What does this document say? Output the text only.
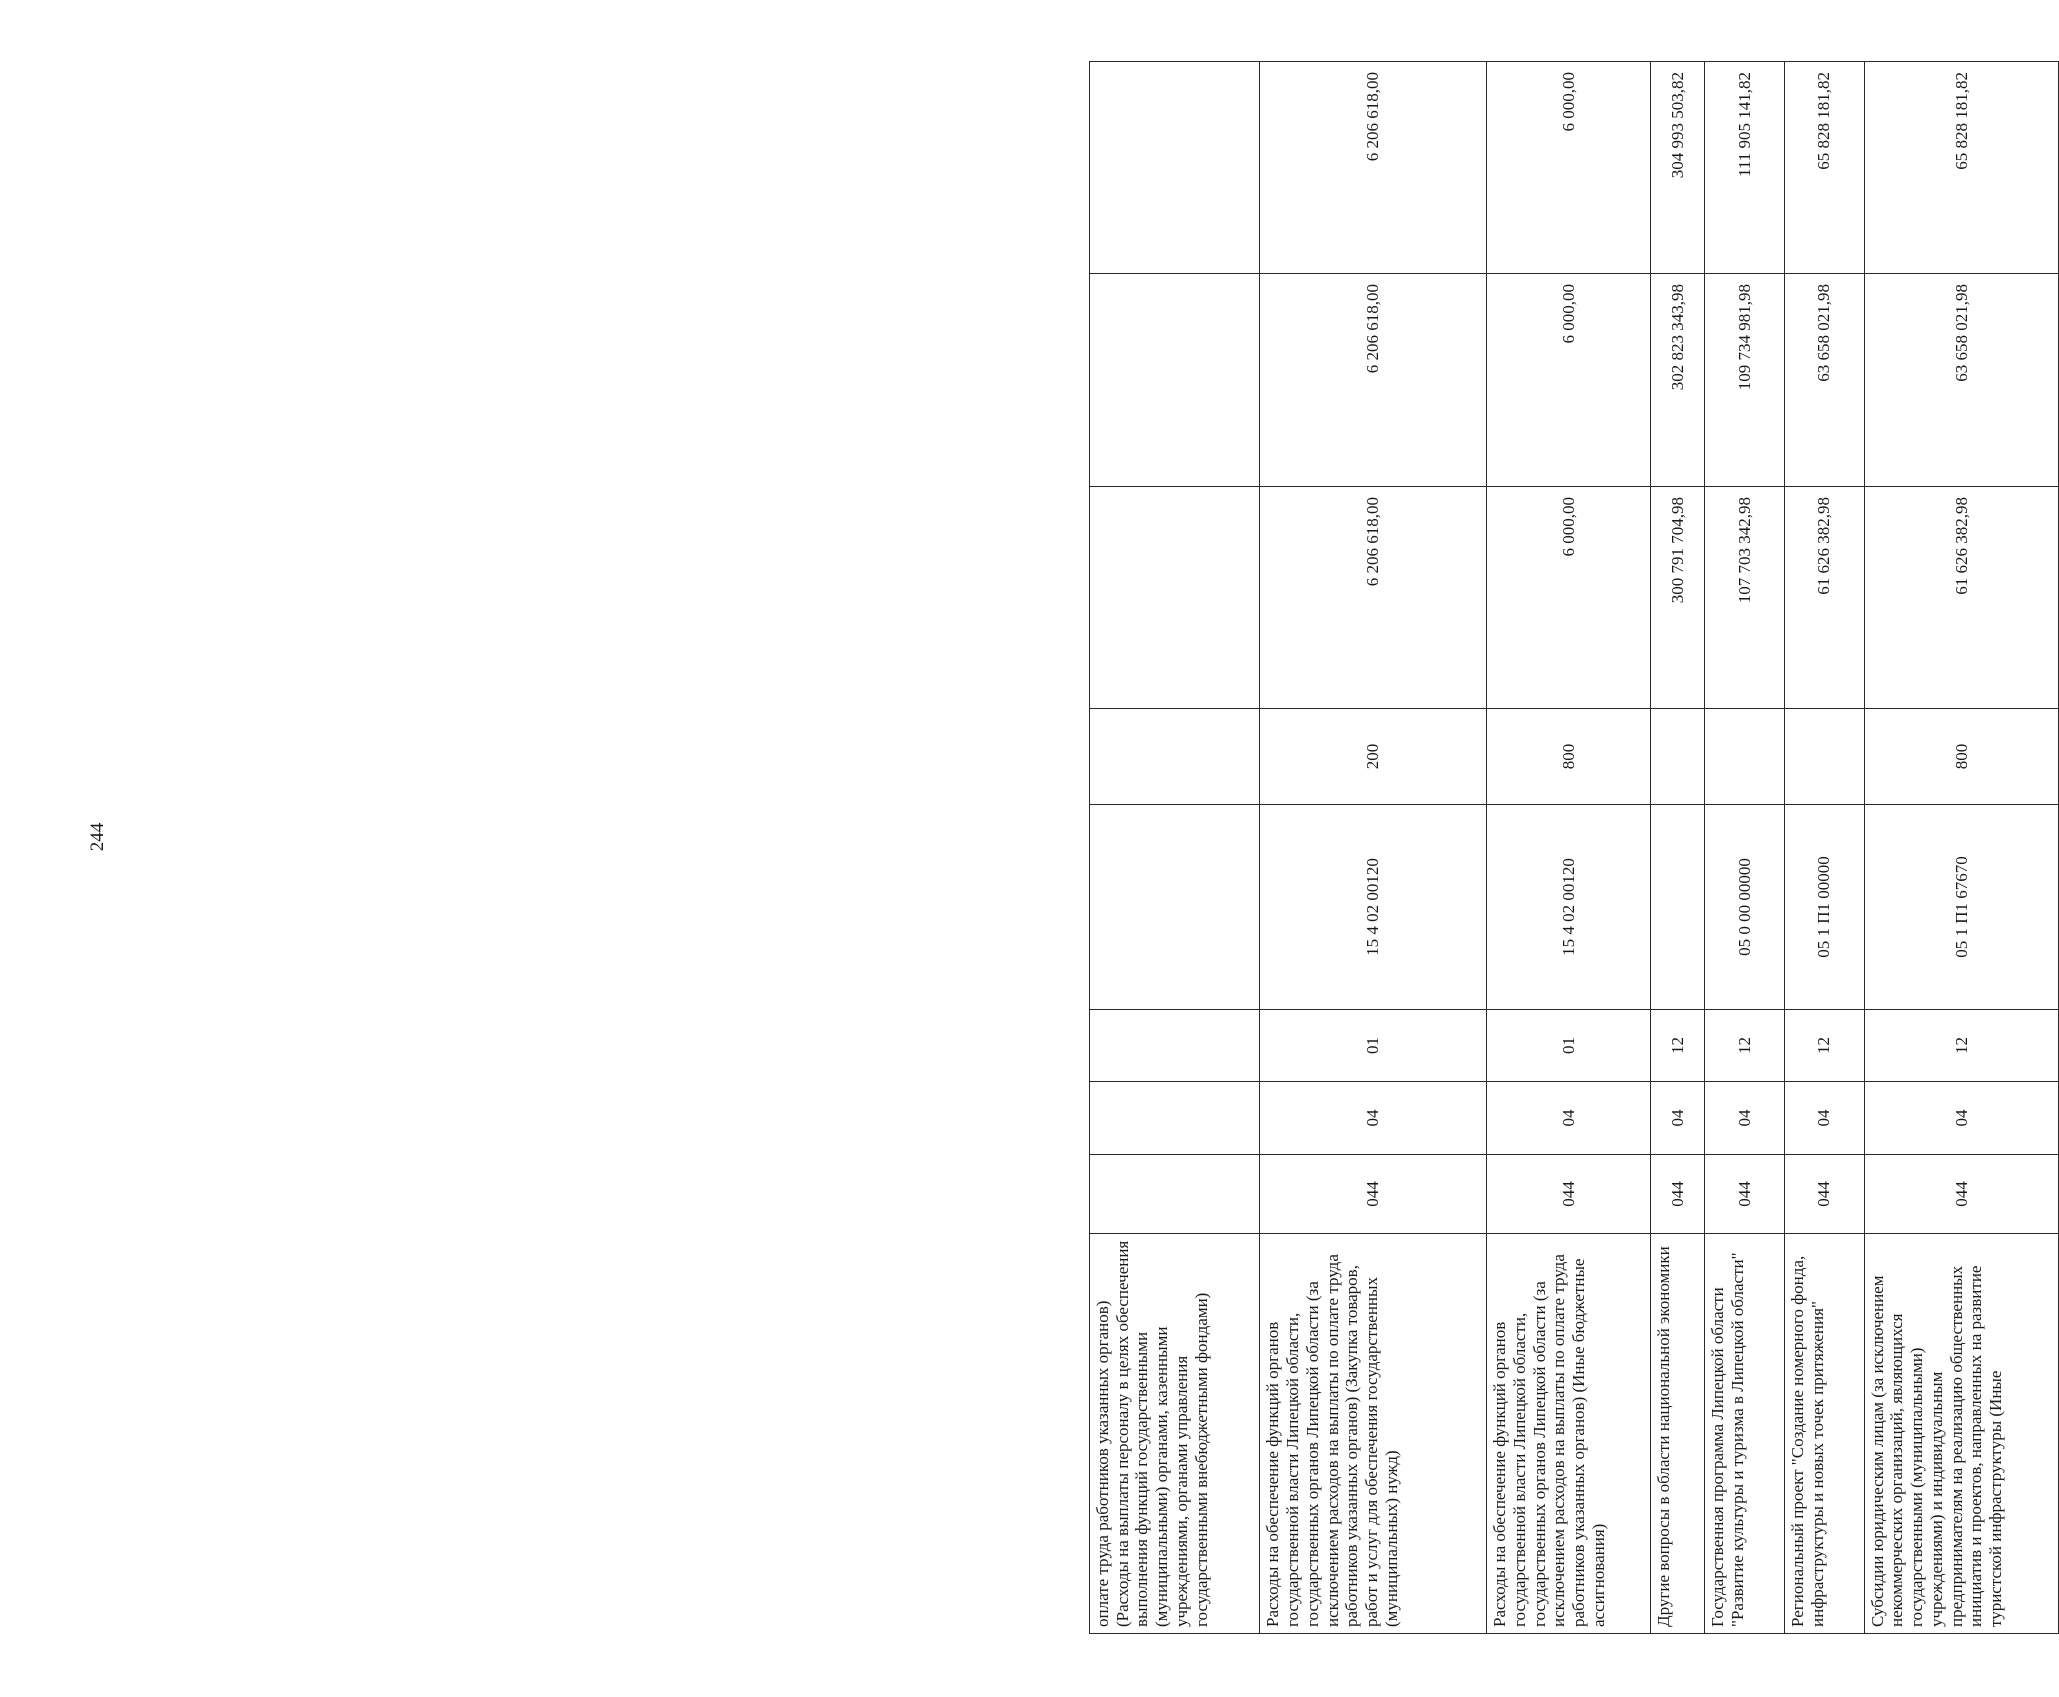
244
оплате труда работников указанных органов) (Расходы на выплаты персоналу в целях обеспечения выполнения функций государственными (муниципальными) органами, казенными учреждениями, органами управления государственными внебюджетными фондами)								
Расходы на обеспечение функций органов государственной власти Липецкой области, государственных органов Липецкой области (за исключением расходов на выплаты по оплате труда работников указанных органов) (Закупка товаров, работ и услуг для обеспечения государственных (муниципальных) нужд)	044	04	01	15 4 02 00120	200	6 206 618,00	6 206 618,00	6 206 618,00
Расходы на обеспечение функций органов государственной власти Липецкой области, государственных органов Липецкой области (за исключением расходов на выплаты по оплате труда работников указанных органов) (Иные бюджетные ассигнования)	044	04	01	15 4 02 00120	800	6 000,00	6 000,00	6 000,00
Другие вопросы в области национальной экономики	044	04	12			300 791 704,98	302 823 343,98	304 993 503,82
Государственная программа Липецкой области "Развитие культуры и туризма в Липецкой области"	044	04	12	05 0 00 00000		107 703 342,98	109 734 981,98	111 905 141,82
Региональный проект "Создание номерного фонда, инфраструктуры и новых точек притяжения"	044	04	12	05 1 П1 00000		61 626 382,98	63 658 021,98	65 828 181,82
Субсидии юридическим лицам (за исключением некоммерческих организаций, являющихся государственными (муниципальными) учреждениями) и индивидуальным предпринимателям на реализацию общественных инициатив и проектов, направленных на развитие туристской инфраструктуры (Иные	044	04	12	05 1 П1 67670	800	61 626 382,98	63 658 021,98	65 828 181,82
